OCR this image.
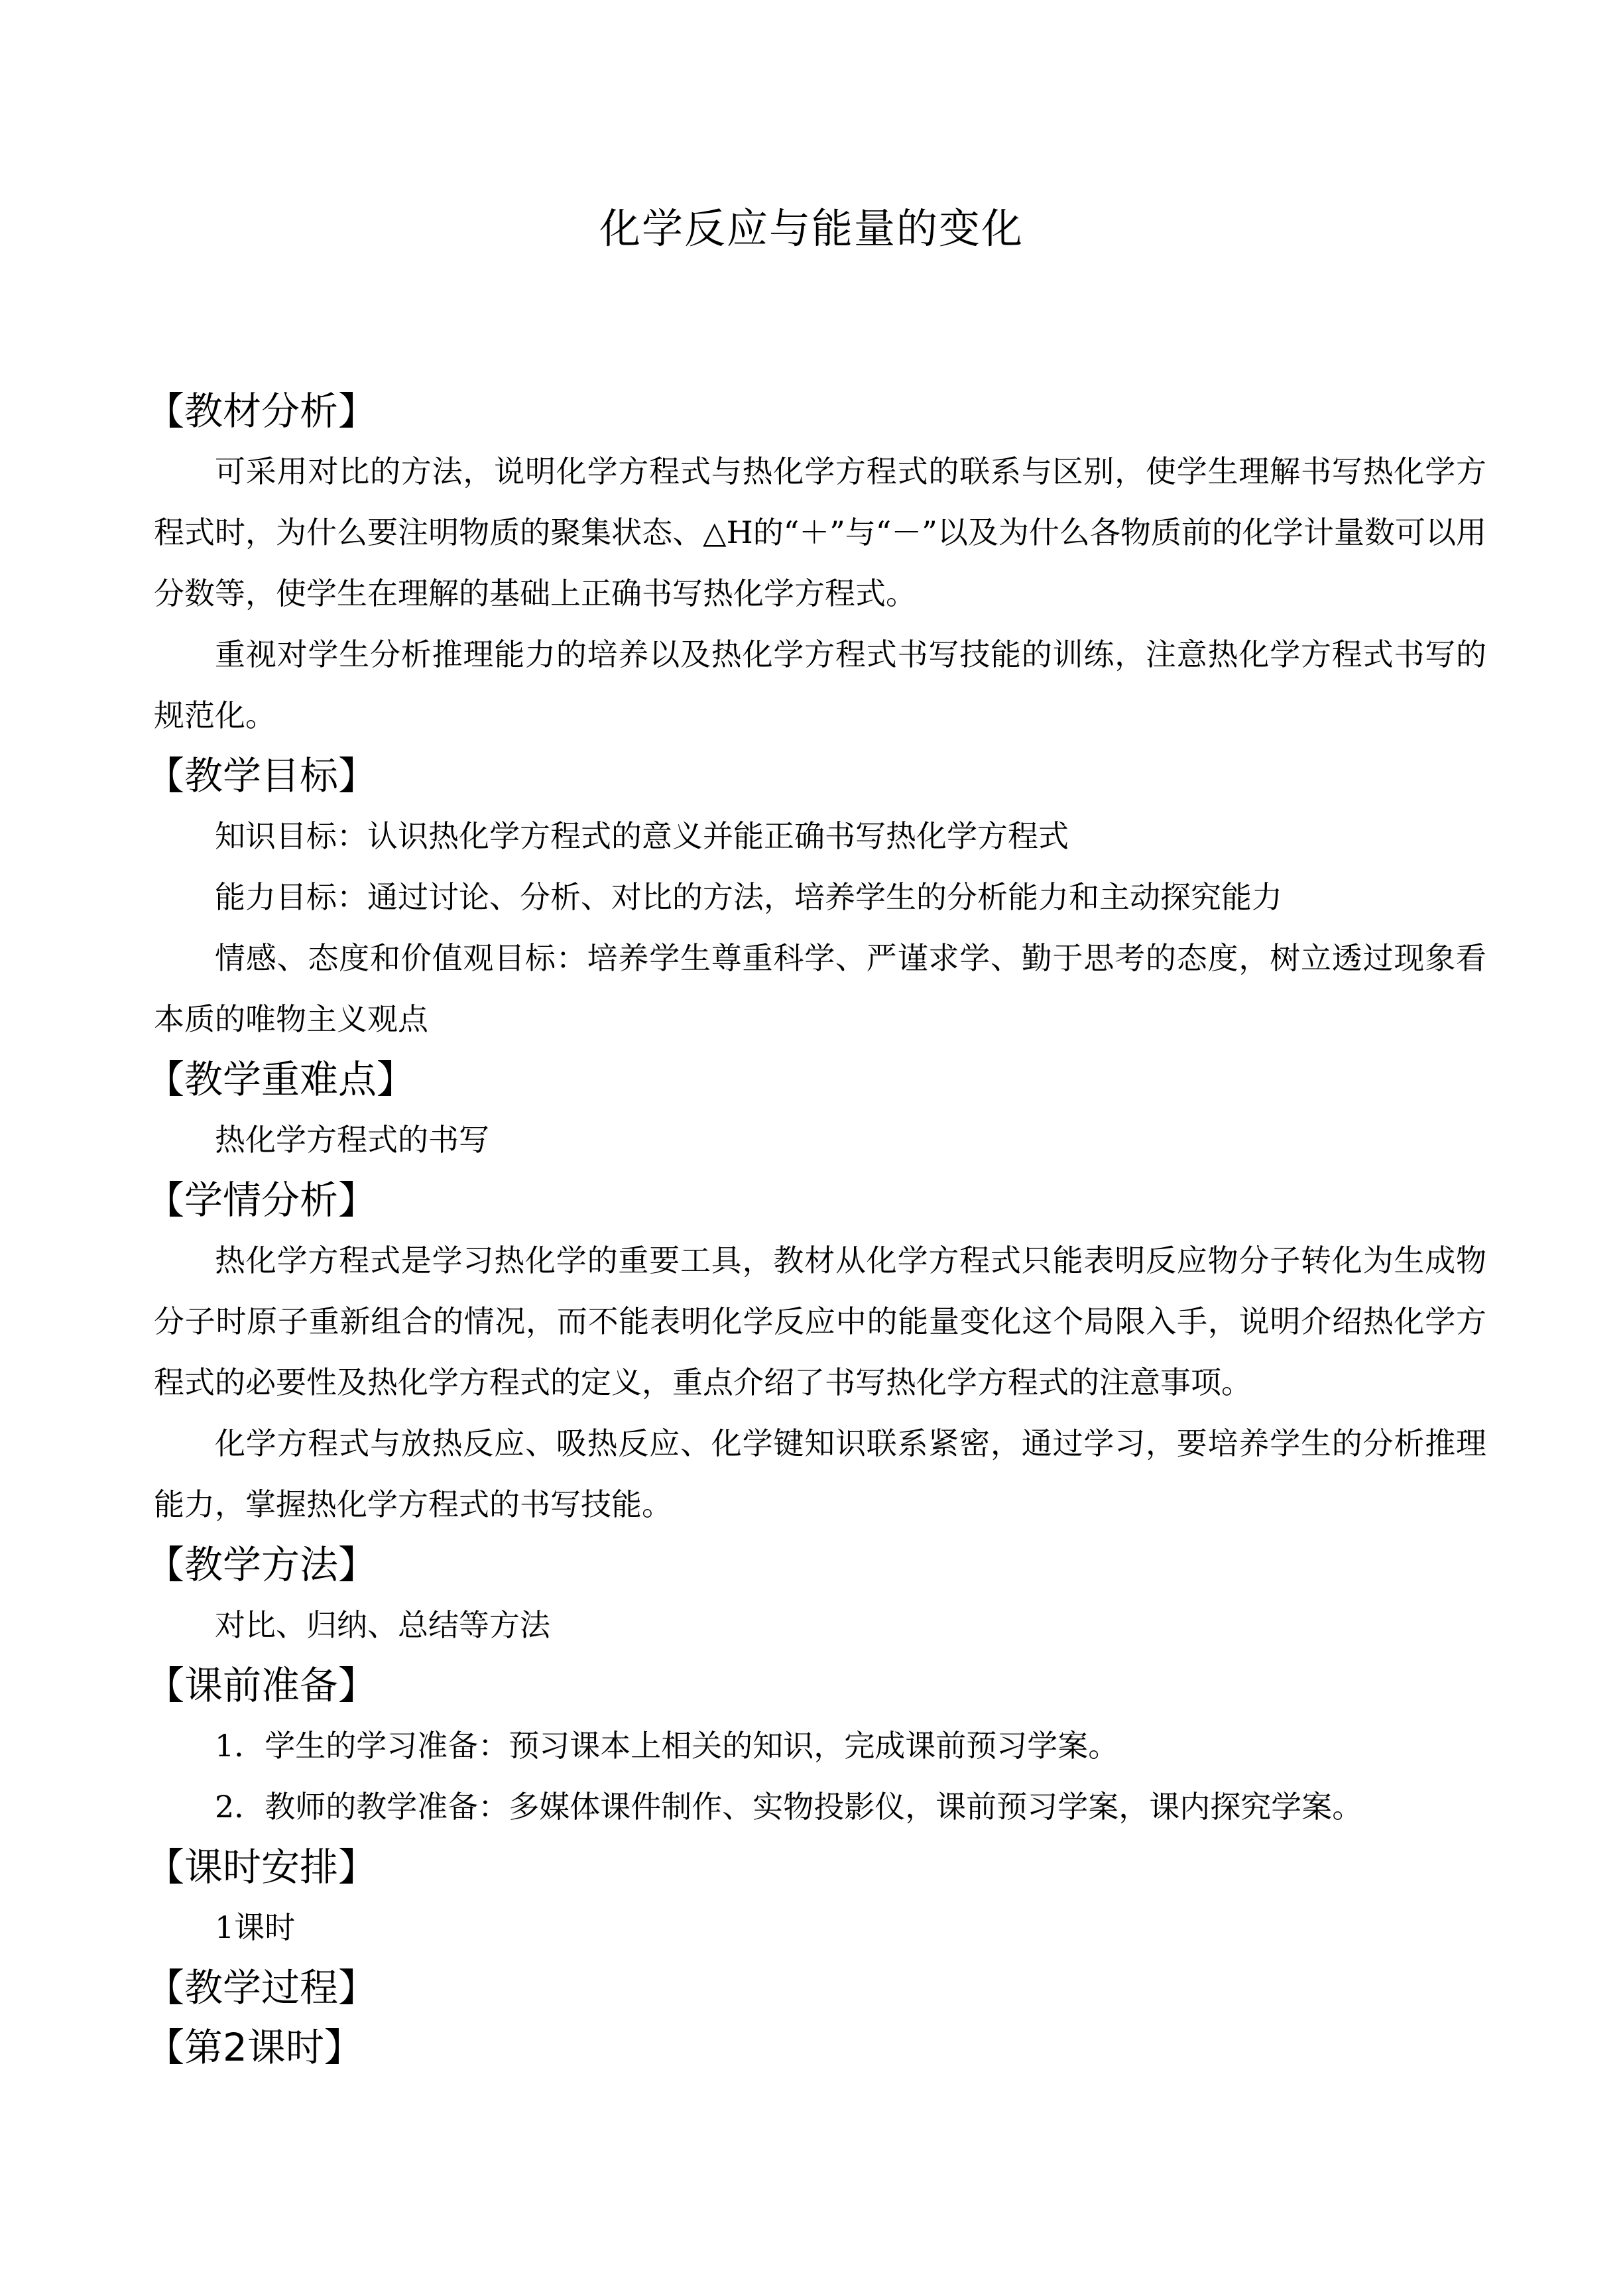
化学反应与能量的变化
【教材分析】
可采用对比的方法，说明化学方程式与热化学方程式的联系与区别，使学生理解书写热化学方程式时，为什么要注明物质的聚集状态、△H的“＋”与“－”以及为什么各物质前的化学计量数可以用分数等，使学生在理解的基础上正确书写热化学方程式。
重视对学生分析推理能力的培养以及热化学方程式书写技能的训练，注意热化学方程式书写的规范化。
【教学目标】
知识目标：认识热化学方程式的意义并能正确书写热化学方程式
能力目标：通过讨论、分析、对比的方法，培养学生的分析能力和主动探究能力
情感、态度和价值观目标：培养学生尊重科学、严谨求学、勤于思考的态度，树立透过现象看本质的唯物主义观点
【教学重难点】
热化学方程式的书写
【学情分析】
热化学方程式是学习热化学的重要工具，教材从化学方程式只能表明反应物分子转化为生成物分子时原子重新组合的情况，而不能表明化学反应中的能量变化这个局限入手，说明介绍热化学方程式的必要性及热化学方程式的定义，重点介绍了书写热化学方程式的注意事项。
化学方程式与放热反应、吸热反应、化学键知识联系紧密，通过学习，要培养学生的分析推理能力，掌握热化学方程式的书写技能。
【教学方法】
对比、归纳、总结等方法
【课前准备】
1．学生的学习准备：预习课本上相关的知识，完成课前预习学案。
2．教师的教学准备：多媒体课件制作、实物投影仪，课前预习学案，课内探究学案。
【课时安排】
1课时
【教学过程】
【第2课时】
